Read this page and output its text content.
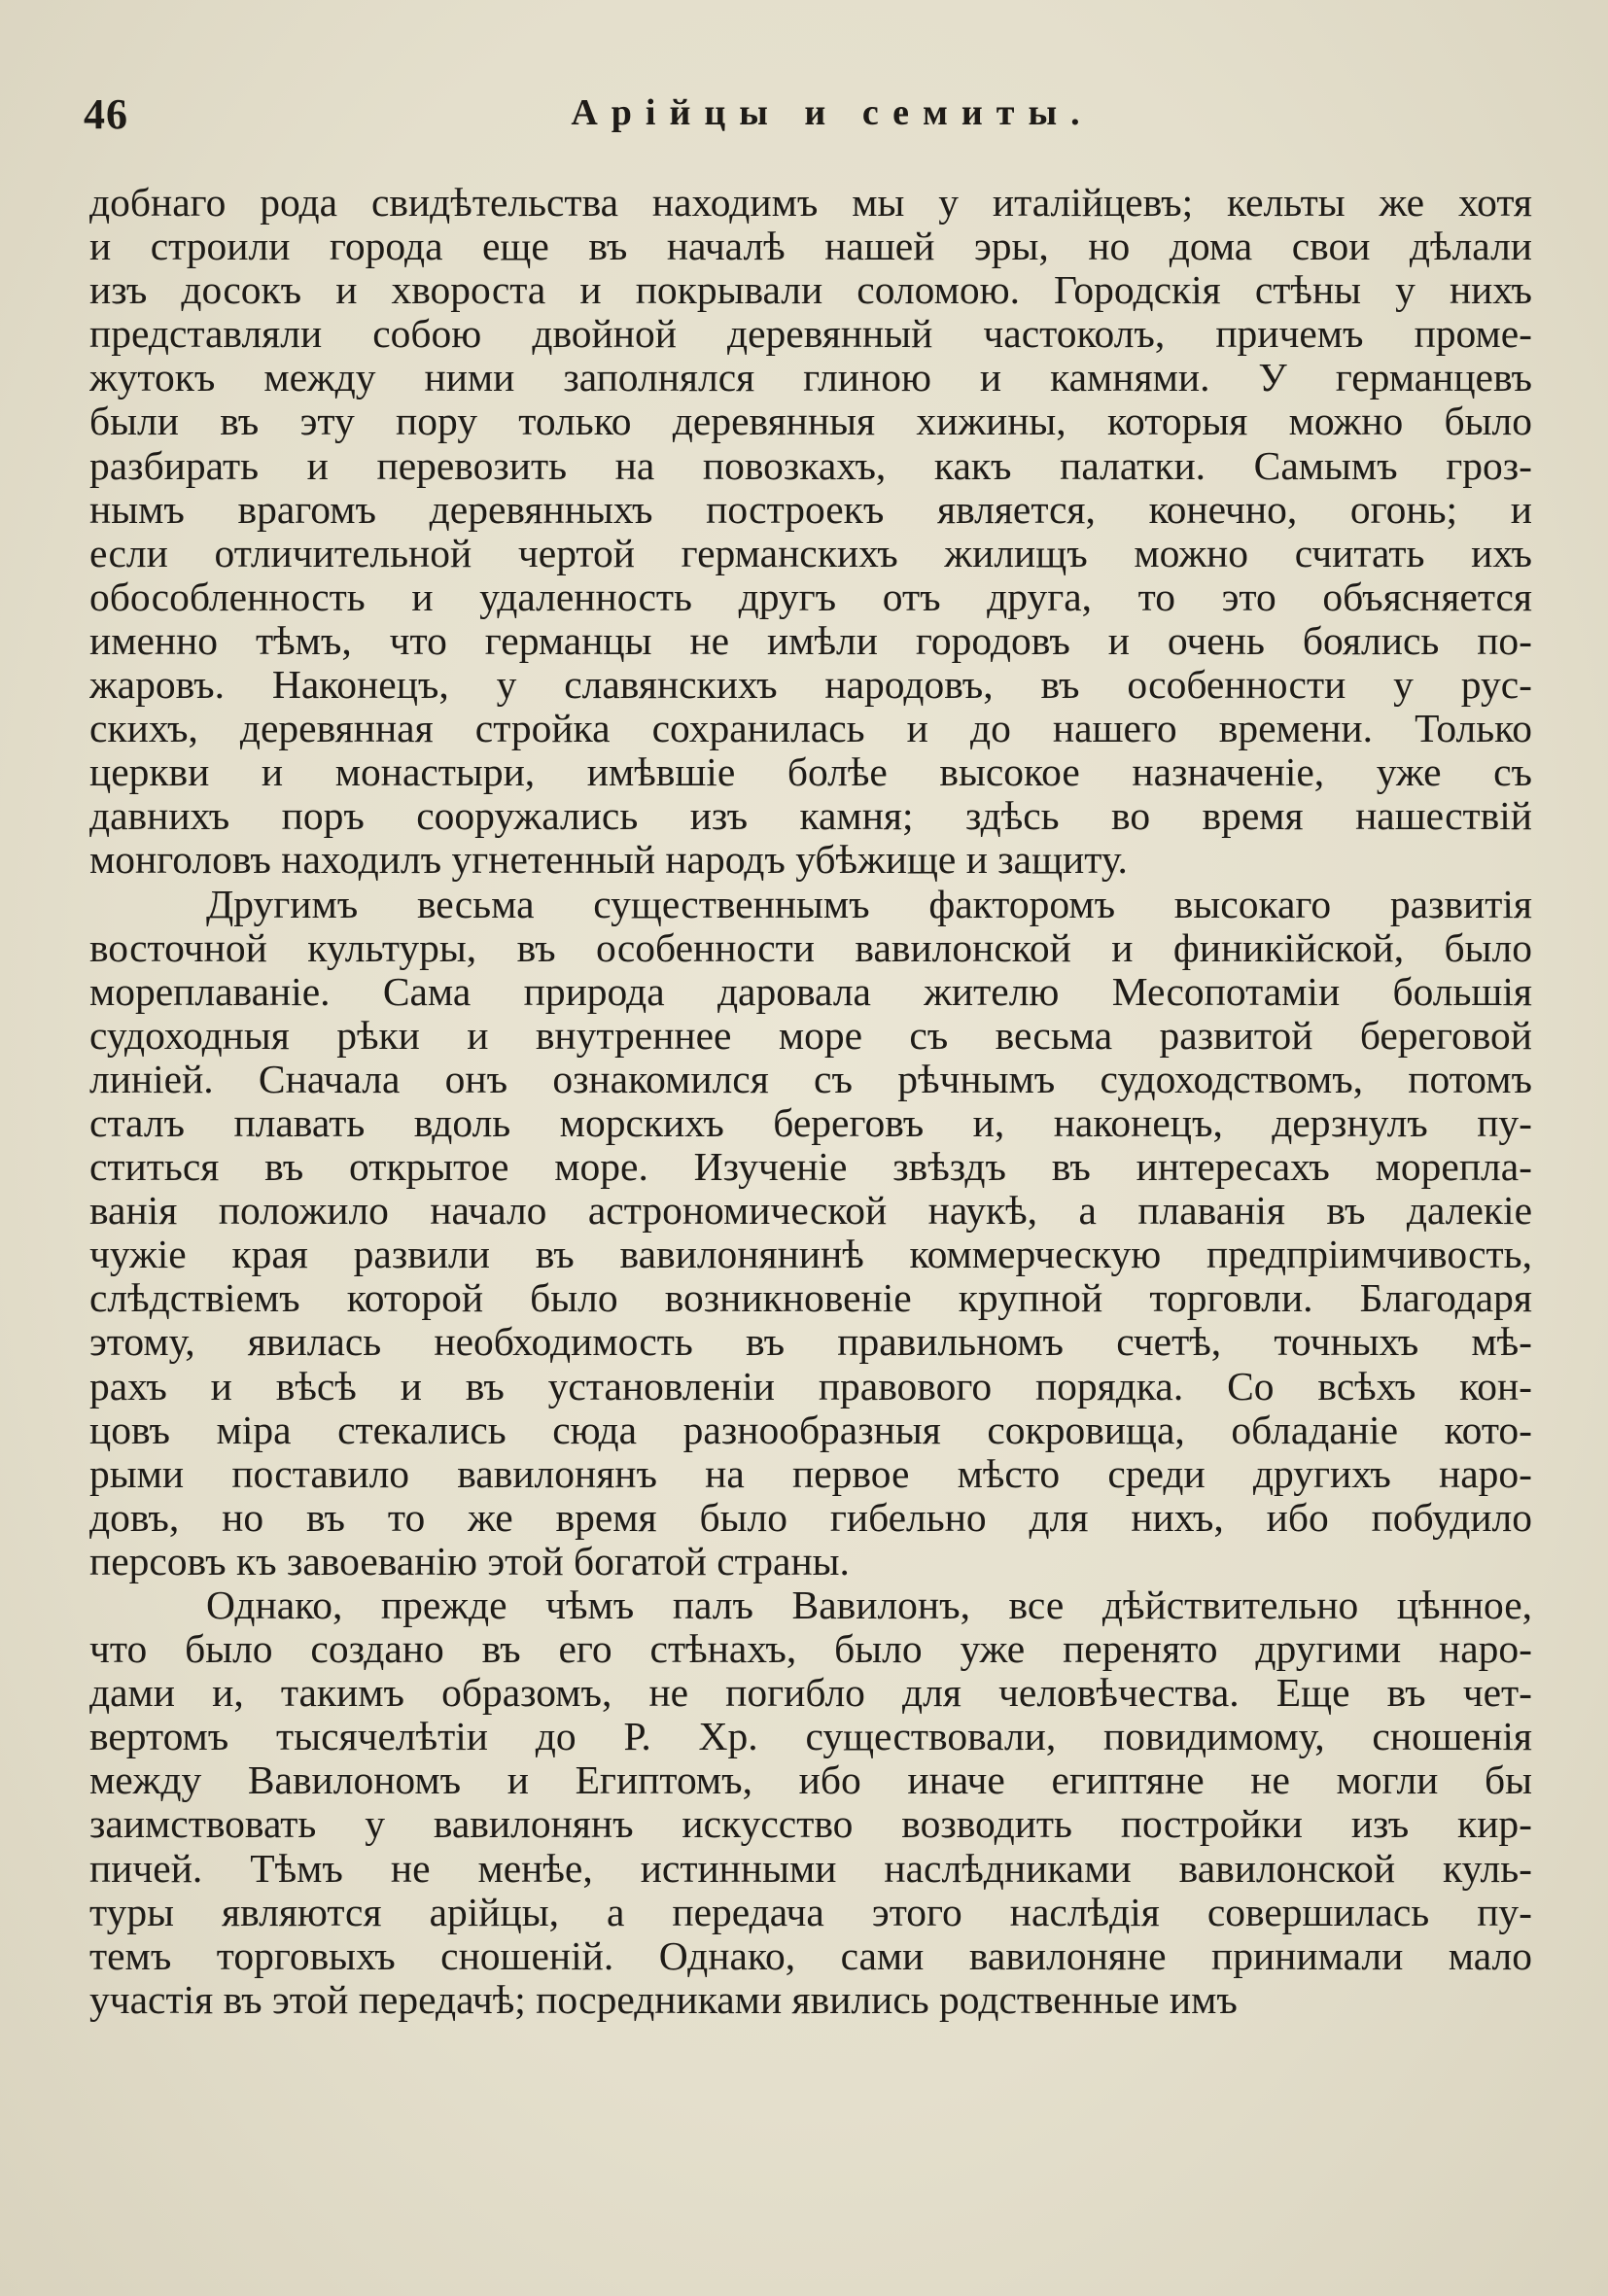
46	Арійцы и семиты.
добнаго рода свидѣтельства находимъ мы у италійцевъ; кельты же хотя
и строили города еще въ началѣ нашей эры, но дома свои дѣлали
изъ досокъ и хвороста и покрывали соломою. Городскія стѣны у нихъ
представляли собою двойной деревянный частоколъ, причемъ проме-
жутокъ между ними заполнялся глиною и камнями. У германцевъ
были въ эту пору только деревянныя хижины, которыя можно было
разбирать и перевозить на повозкахъ, какъ палатки. Самымъ гроз-
нымъ врагомъ деревянныхъ построекъ является, конечно, огонь; и
если отличительной чертой германскихъ жилищъ можно считать ихъ
обособленность и удаленность другъ отъ друга, то это объясняется
именно тѣмъ, что германцы не имѣли городовъ и очень боялись по-
жаровъ. Наконецъ, у славянскихъ народовъ, въ особенности у рус-
скихъ, деревянная стройка сохранилась и до нашего времени. Только
церкви и монастыри, имѣвшіе болѣе высокое назначеніе, уже съ
давнихъ поръ сооружались изъ камня; здѣсь во время нашествій
монголовъ находилъ угнетенный народъ убѣжище и защиту.
Другимъ весьма существеннымъ факторомъ высокаго развитія
восточной культуры, въ особенности вавилонской и финикійской, было
мореплаваніе. Сама природа даровала жителю Месопотаміи большія
судоходныя рѣки и внутреннее море съ весьма развитой береговой
линіей. Сначала онъ ознакомился съ рѣчнымъ судоходствомъ, потомъ
сталъ плавать вдоль морскихъ береговъ и, наконецъ, дерзнулъ пу-
ститься въ открытое море. Изученіе звѣздъ въ интересахъ морепла-
ванія положило начало астрономической наукѣ, а плаванія въ далекіе
чужіе края развили въ вавилонянинѣ коммерческую предпріимчивость,
слѣдствіемъ которой было возникновеніе крупной торговли. Благодаря
этому, явилась необходимость въ правильномъ счетѣ, точныхъ мѣ-
рахъ и вѣсѣ и въ установленіи правового порядка. Со всѣхъ кон-
цовъ міра стекались сюда разнообразныя сокровища, обладаніе кото-
рыми поставило вавилонянъ на первое мѣсто среди другихъ наро-
довъ, но въ то же время было гибельно для нихъ, ибо побудило
персовъ къ завоеванію этой богатой страны.
Однако, прежде чѣмъ палъ Вавилонъ, все дѣйствительно цѣнное,
что было создано въ его стѣнахъ, было уже перенято другими наро-
дами и, такимъ образомъ, не погибло для человѣчества. Еще въ чет-
вертомъ тысячелѣтіи до Р. Хр. существовали, повидимому, сношенія
между Вавилономъ и Египтомъ, ибо иначе египтяне не могли бы
заимствовать у вавилонянъ искусство возводить постройки изъ кир-
пичей. Тѣмъ не менѣе, истинными наслѣдниками вавилонской куль-
туры являются арійцы, а передача этого наслѣдія совершилась пу-
темъ торговыхъ сношеній. Однако, сами вавилоняне принимали мало
участія въ этой передачѣ; посредниками явились родственные имъ
